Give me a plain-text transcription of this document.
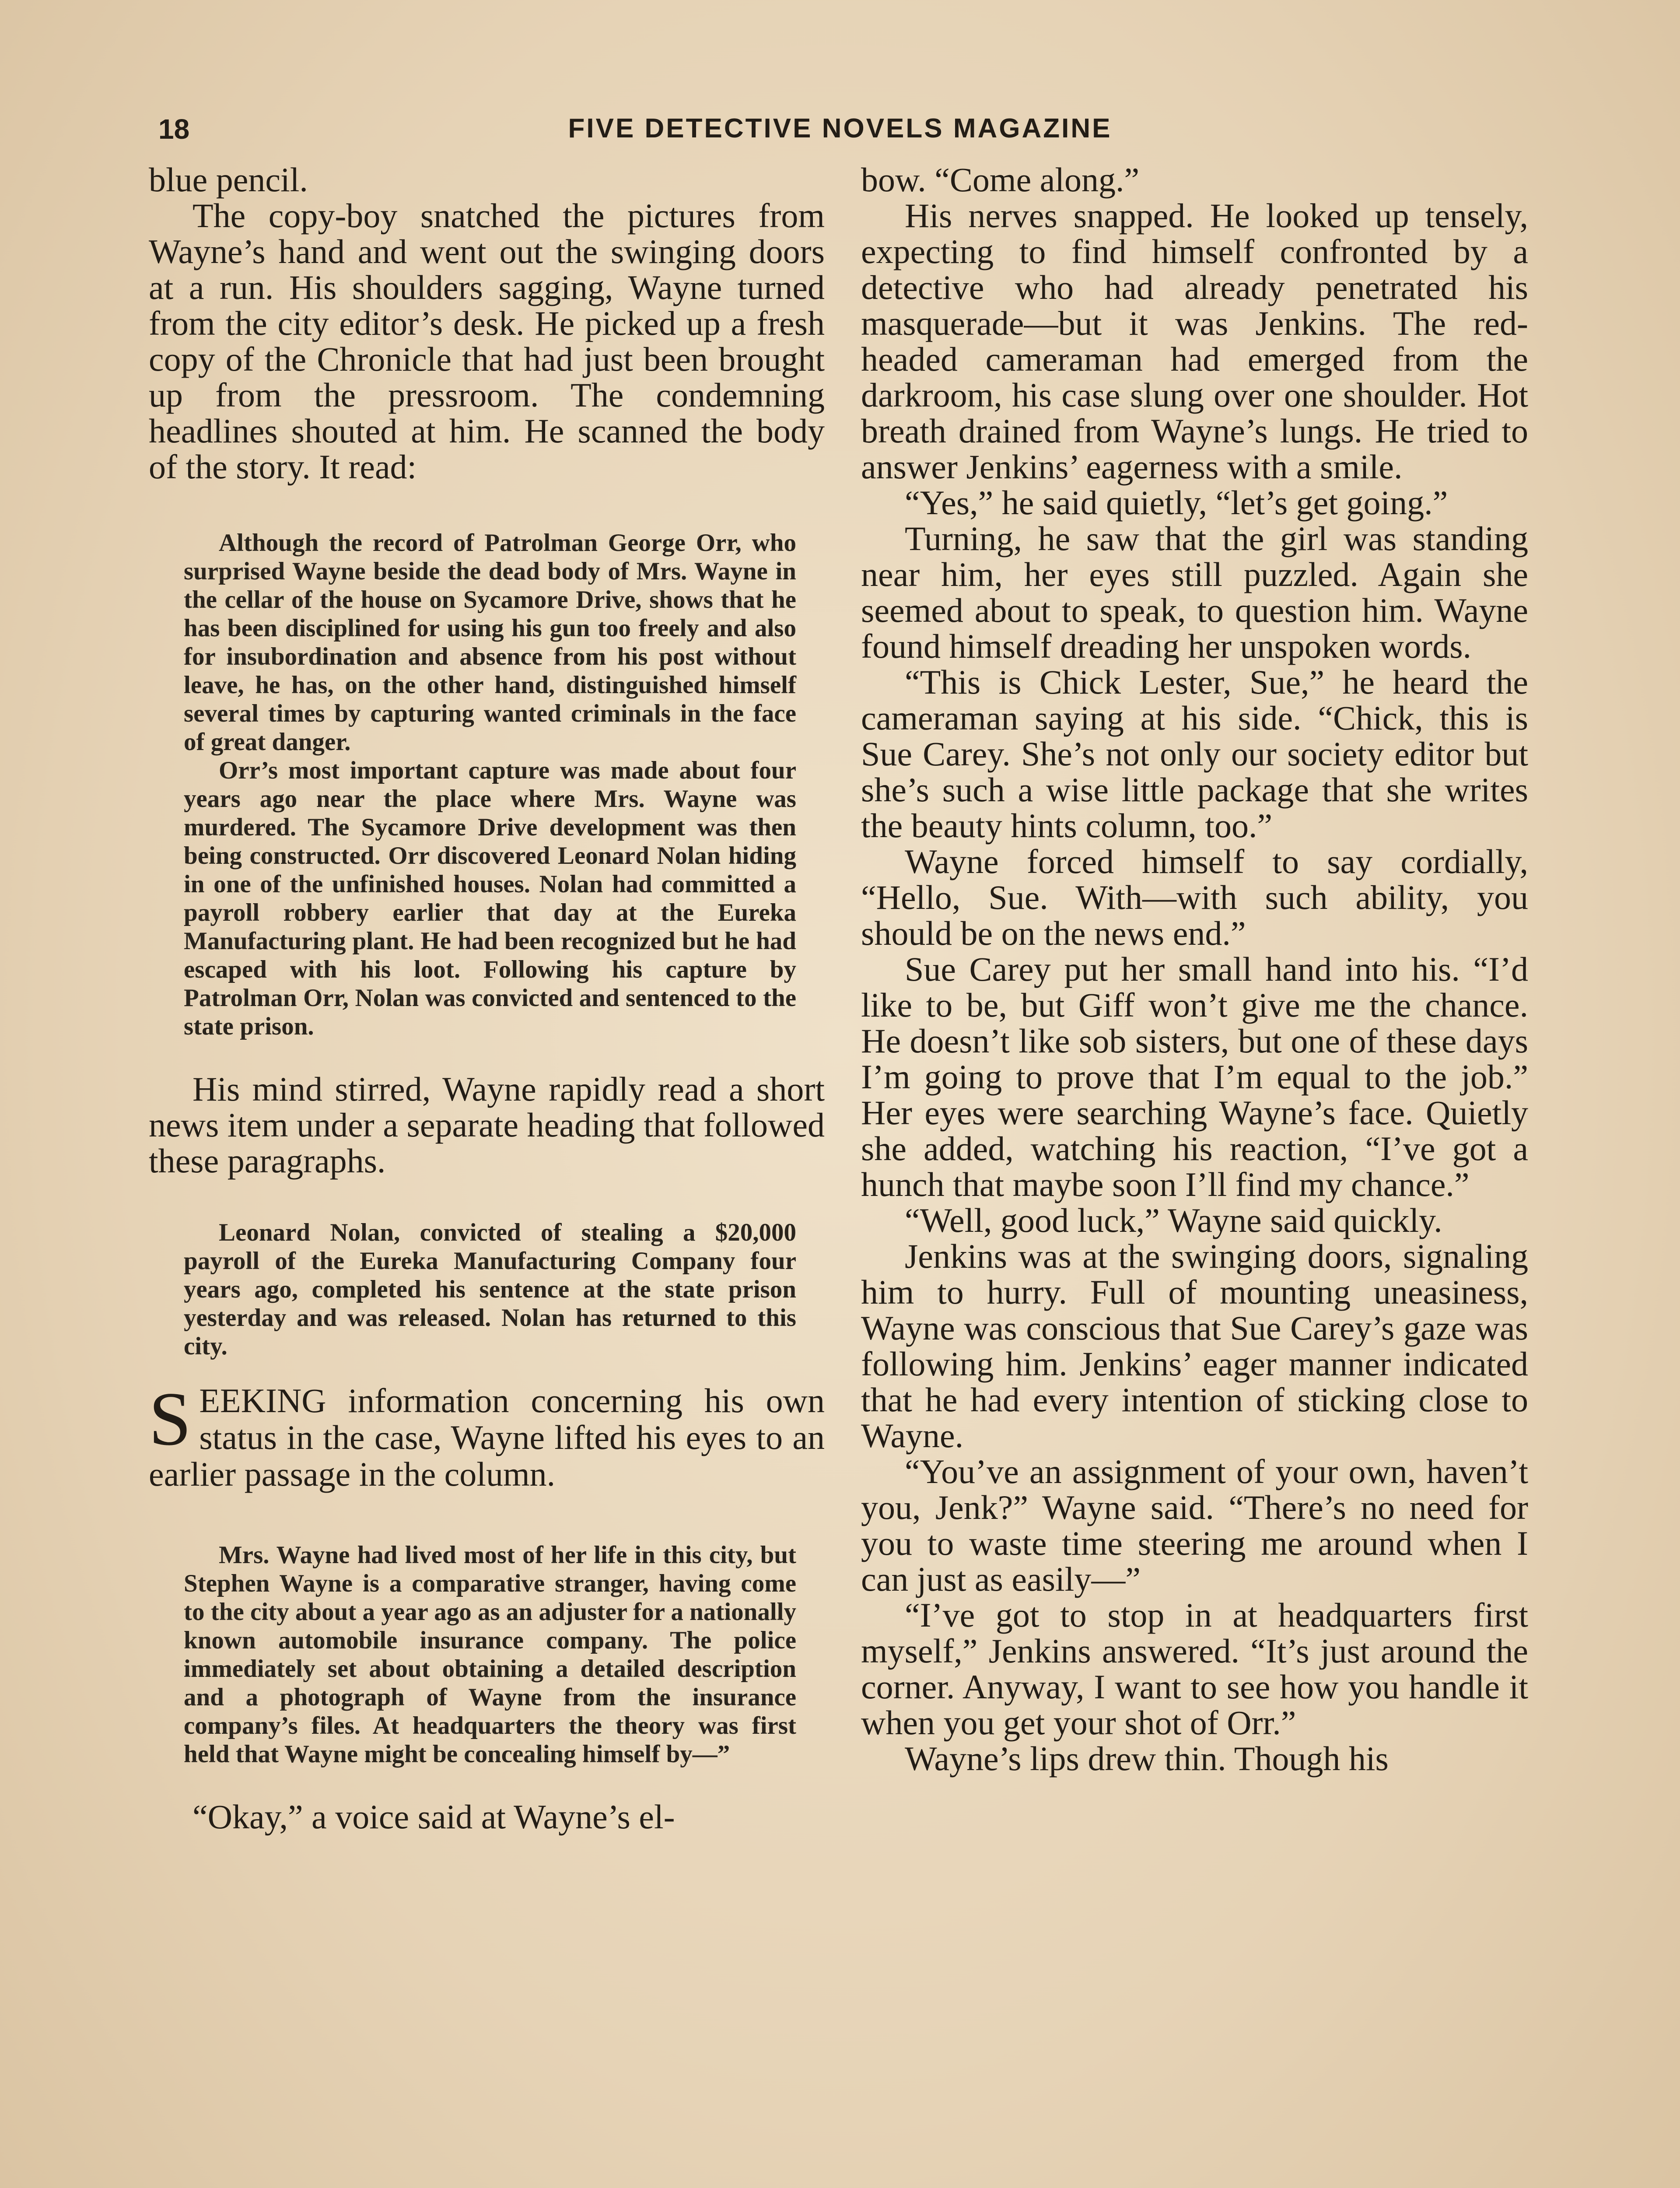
18	FIVE DETECTIVE NOVELS MAGAZINE

blue pencil.

The copy-boy snatched the pictures from Wayne’s hand and went out the swinging doors at a run. His shoulders sagging, Wayne turned from the city editor’s desk. He picked up a fresh copy of the Chronicle that had just been brought up from the pressroom. The condemning headlines shouted at him. He scanned the body of the story. It read:

Although the record of Patrolman George Orr, who surprised Wayne beside the dead body of Mrs. Wayne in the cellar of the house on Sycamore Drive, shows that he has been disciplined for using his gun too freely and also for insubordination and absence from his post without leave, he has, on the other hand, distinguished himself several times by capturing wanted criminals in the face of great danger.

Orr’s most important capture was made about four years ago near the place where Mrs. Wayne was murdered. The Sycamore Drive development was then being constructed. Orr discovered Leonard Nolan hiding in one of the unfinished houses. Nolan had committed a payroll robbery earlier that day at the Eureka Manufacturing plant. He had been recognized but he had escaped with his loot. Following his capture by Patrolman Orr, Nolan was convicted and sentenced to the state prison.

His mind stirred, Wayne rapidly read a short news item under a separate heading that followed these paragraphs.

Leonard Nolan, convicted of stealing a $20,000 payroll of the Eureka Manufacturing Company four years ago, completed his sentence at the state prison yesterday and was released. Nolan has returned to this city.

SEEKING information concerning his own status in the case, Wayne lifted his eyes to an earlier passage in the column.

Mrs. Wayne had lived most of her life in this city, but Stephen Wayne is a comparative stranger, having come to the city about a year ago as an adjuster for a nationally known automobile insurance company. The police immediately set about obtaining a detailed description and a photograph of Wayne from the insurance company’s files. At headquarters the theory was first held that Wayne might be concealing himself by—”

“Okay,” a voice said at Wayne’s el-

bow. “Come along.”

His nerves snapped. He looked up tensely, expecting to find himself confronted by a detective who had already penetrated his masquerade—but it was Jenkins. The red-headed cameraman had emerged from the darkroom, his case slung over one shoulder. Hot breath drained from Wayne’s lungs. He tried to answer Jenkins’ eagerness with a smile.

“Yes,” he said quietly, “let’s get going.”

Turning, he saw that the girl was standing near him, her eyes still puzzled. Again she seemed about to speak, to question him. Wayne found himself dreading her unspoken words.

“This is Chick Lester, Sue,” he heard the cameraman saying at his side. “Chick, this is Sue Carey. She’s not only our society editor but she’s such a wise little package that she writes the beauty hints column, too.”

Wayne forced himself to say cordially, “Hello, Sue. With—with such ability, you should be on the news end.”

Sue Carey put her small hand into his. “I’d like to be, but Giff won’t give me the chance. He doesn’t like sob sisters, but one of these days I’m going to prove that I’m equal to the job.” Her eyes were searching Wayne’s face. Quietly she added, watching his reaction, “I’ve got a hunch that maybe soon I’ll find my chance.”

“Well, good luck,” Wayne said quickly.

Jenkins was at the swinging doors, signaling him to hurry. Full of mounting uneasiness, Wayne was conscious that Sue Carey’s gaze was following him. Jenkins’ eager manner indicated that he had every intention of sticking close to Wayne.

“You’ve an assignment of your own, haven’t you, Jenk?” Wayne said. “There’s no need for you to waste time steering me around when I can just as easily—”

“I’ve got to stop in at headquarters first myself,” Jenkins answered. “It’s just around the corner. Anyway, I want to see how you handle it when you get your shot of Orr.”

Wayne’s lips drew thin. Though his
